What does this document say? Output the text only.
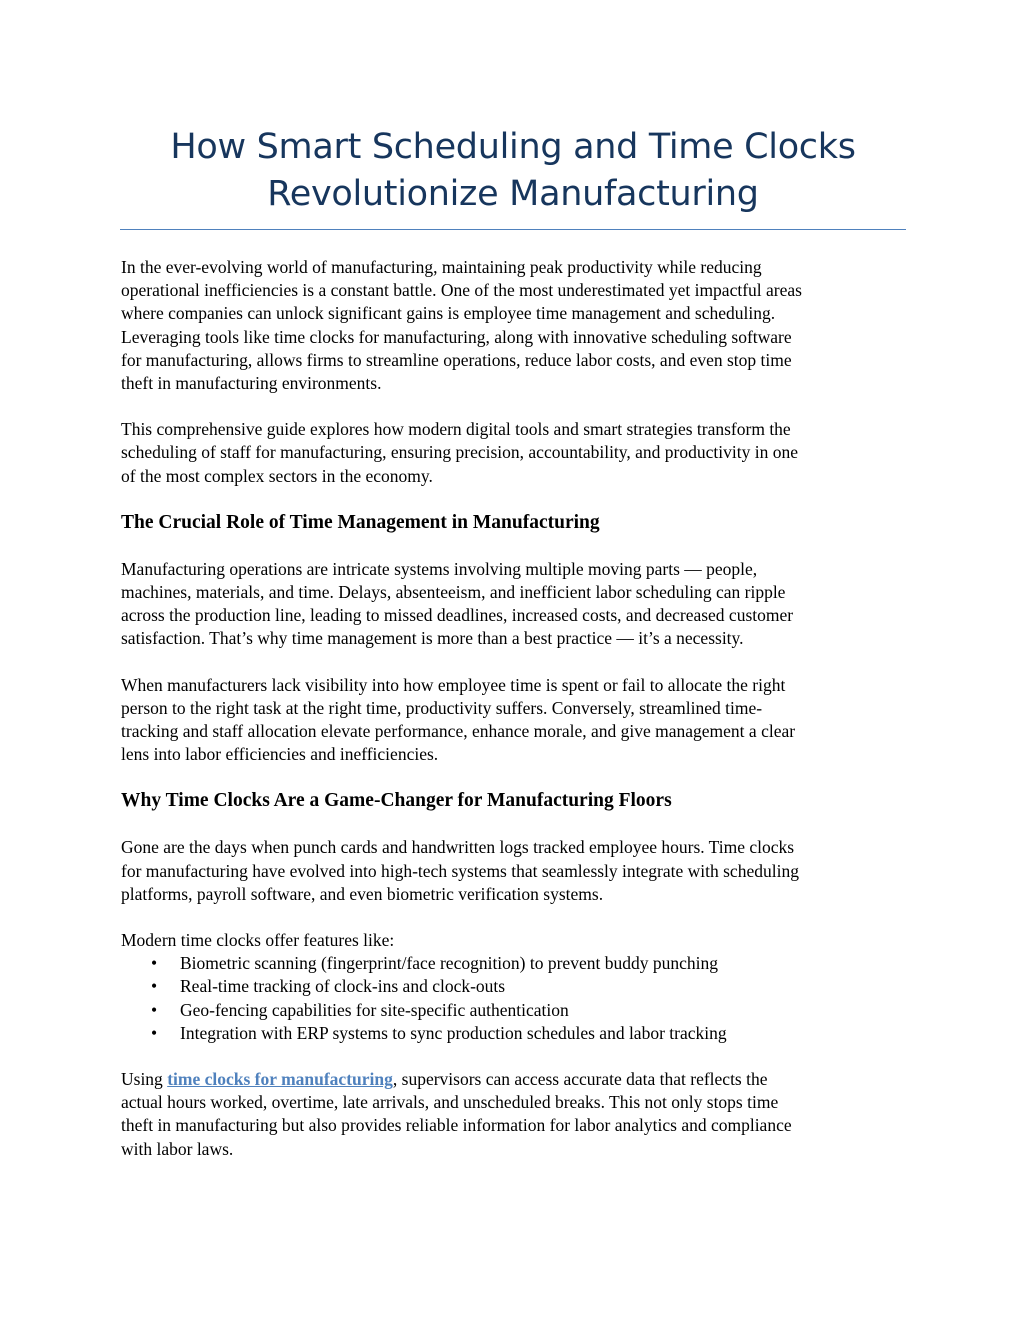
How Smart Scheduling and Time Clocks
Revolutionize Manufacturing

In the ever-evolving world of manufacturing, maintaining peak productivity while reducing
operational inefficiencies is a constant battle. One of the most underestimated yet impactful areas
where companies can unlock significant gains is employee time management and scheduling.
Leveraging tools like time clocks for manufacturing, along with innovative scheduling software
for manufacturing, allows firms to streamline operations, reduce labor costs, and even stop time
theft in manufacturing environments.

This comprehensive guide explores how modern digital tools and smart strategies transform the
scheduling of staff for manufacturing, ensuring precision, accountability, and productivity in one
of the most complex sectors in the economy.

The Crucial Role of Time Management in Manufacturing

Manufacturing operations are intricate systems involving multiple moving parts — people,
machines, materials, and time. Delays, absenteeism, and inefficient labor scheduling can ripple
across the production line, leading to missed deadlines, increased costs, and decreased customer
satisfaction. That’s why time management is more than a best practice — it’s a necessity.

When manufacturers lack visibility into how employee time is spent or fail to allocate the right
person to the right task at the right time, productivity suffers. Conversely, streamlined time-
tracking and staff allocation elevate performance, enhance morale, and give management a clear
lens into labor efficiencies and inefficiencies.

Why Time Clocks Are a Game-Changer for Manufacturing Floors

Gone are the days when punch cards and handwritten logs tracked employee hours. Time clocks
for manufacturing have evolved into high-tech systems that seamlessly integrate with scheduling
platforms, payroll software, and even biometric verification systems.

Modern time clocks offer features like:

• Biometric scanning (fingerprint/face recognition) to prevent buddy punching
• Real-time tracking of clock-ins and clock-outs
• Geo-fencing capabilities for site-specific authentication
• Integration with ERP systems to sync production schedules and labor tracking

Using time clocks for manufacturing, supervisors can access accurate data that reflects the
actual hours worked, overtime, late arrivals, and unscheduled breaks. This not only stops time
theft in manufacturing but also provides reliable information for labor analytics and compliance
with labor laws.
